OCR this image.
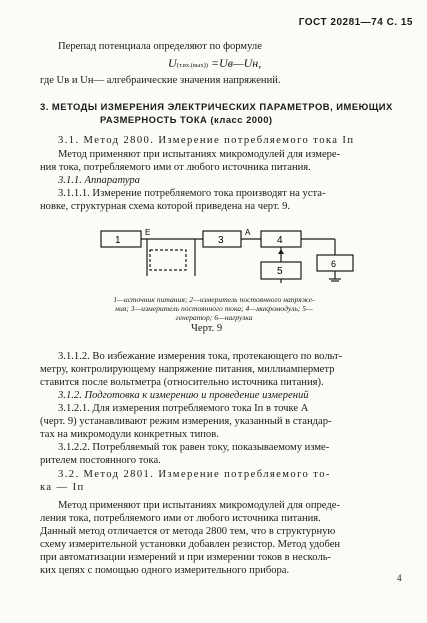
ГОСТ 20281—74 С. 15
Перепад потенциала определяют по формуле
U(т.вх.(вых)) =Uв—Uн,
где Uв и Uн— алгебраические значения напряжений.
3. МЕТОДЫ ИЗМЕРЕНИЯ ЭЛЕКТРИЧЕСКИХ ПАРАМЕТРОВ, ИМЕЮЩИХ
РАЗМЕРНОСТЬ ТОКА (класс 2000)
3.1. Метод 2800. Измерение потребляемого тока Iп
Метод применяют при испытаниях микромодулей для измере-
ния тока, потребляемого ими от любого источника питания.
3.1.1. Аппаратура
3.1.1.1. Измерение потребляемого тока производят на уста-
новке, структурная схема которой приведена на черт. 9.
1	3	4
5
6
E	A
1—источник питания; 2—измеритель постоянного напряже-
ния; 3—измеритель постоянного тока; 4—микромодуль; 5—
генератор; 6—нагрузка
Черт. 9
3.1.1.2. Во избежание измерения тока, протекающего по вольт-
метру, контролирующему напряжение питания, миллиамперметр
ставится после вольтметра (относительно источника питания).
3.1.2. Подготовка к измерению и проведение измерений
3.1.2.1. Для измерения потребляемого тока Iп в точке А
(черт. 9) устанавливают режим измерения, указанный в стандар-
тах на микромодули конкретных типов.
3.1.2.2. Потребляемый ток равен току, показываемому изме-
рителем постоянного тока.
3.2. Метод 2801. Измерение потребляемого то-
ка — Iп
Метод применяют при испытаниях микромодулей для опреде-
ления тока, потребляемого ими от любого источника питания.
Данный метод отличается от метода 2800 тем, что в структурную
схему измерительной установки добавлен резистор. Метод удобен
при автоматизации измерений и при измерении токов в несколь-
ких цепях с помощью одного измерительного прибора.
4
